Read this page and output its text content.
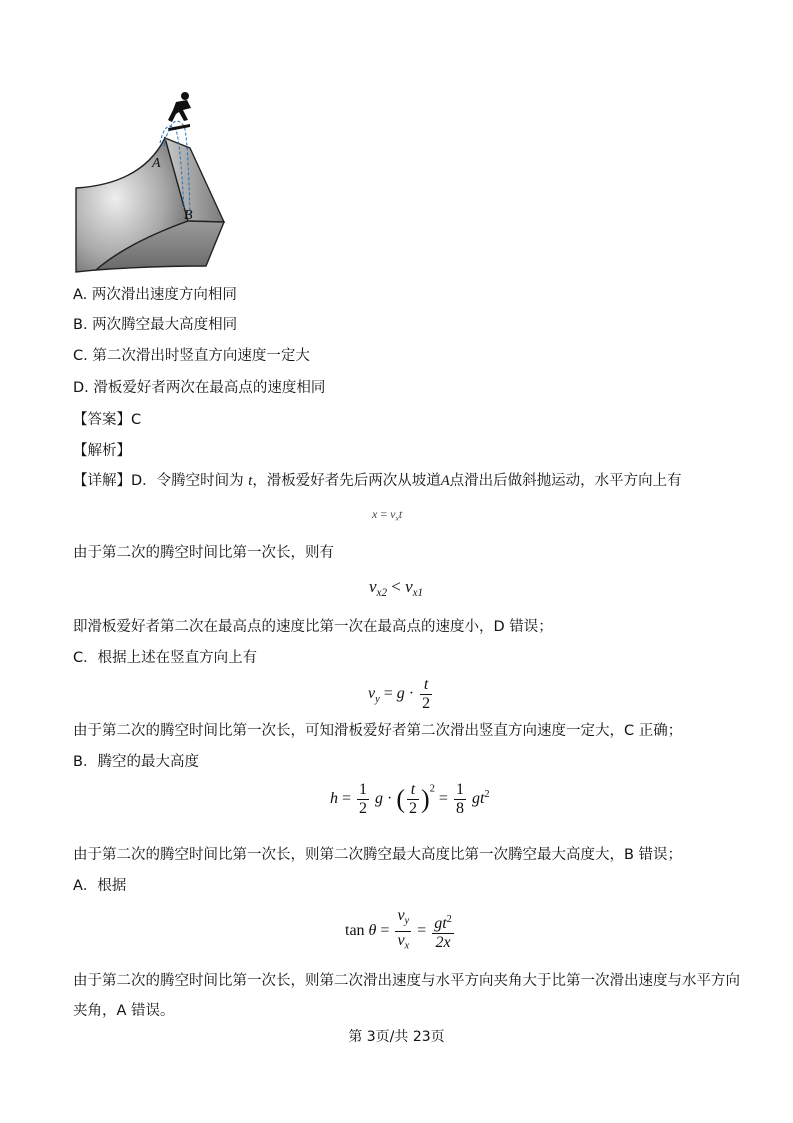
A
B
A. 两次滑出速度方向相同
B. 两次腾空最大高度相同
C. 第二次滑出时竖直方向速度一定大
D. 滑板爱好者两次在最高点的速度相同
【答案】C
【解析】
【详解】D．令腾空时间为 t，滑板爱好者先后两次从坡道A点滑出后做斜抛运动，水平方向上有
$x = v_xt$
由于第二次的腾空时间比第一次长，则有
$v_{x2} < v_{x1}$
即滑板爱好者第二次在最高点的速度比第一次在最高点的速度小，D 错误；
C．根据上述在竖直方向上有
$v_y = g \cdot \frac{t}{2}$
由于第二次的腾空时间比第一次长，可知滑板爱好者第二次滑出竖直方向速度一定大，C 正确；
B．腾空的最大高度
$h = \frac{1}{2}$ g · ( $\frac{t}{2} )^2 = \frac{1}{8} gt^2$
由于第二次的腾空时间比第一次长，则第二次腾空最大高度比第一次腾空最大高度大，B 错误；
A．根据
$\tan \theta = \frac{v_y}{v_x} = \frac{gt^2}{2x}$
由于第二次的腾空时间比第一次长，则第二次滑出速度与水平方向夹角大于比第一次滑出速度与水平方向
夹角，A 错误。
第 3页/共 23页
